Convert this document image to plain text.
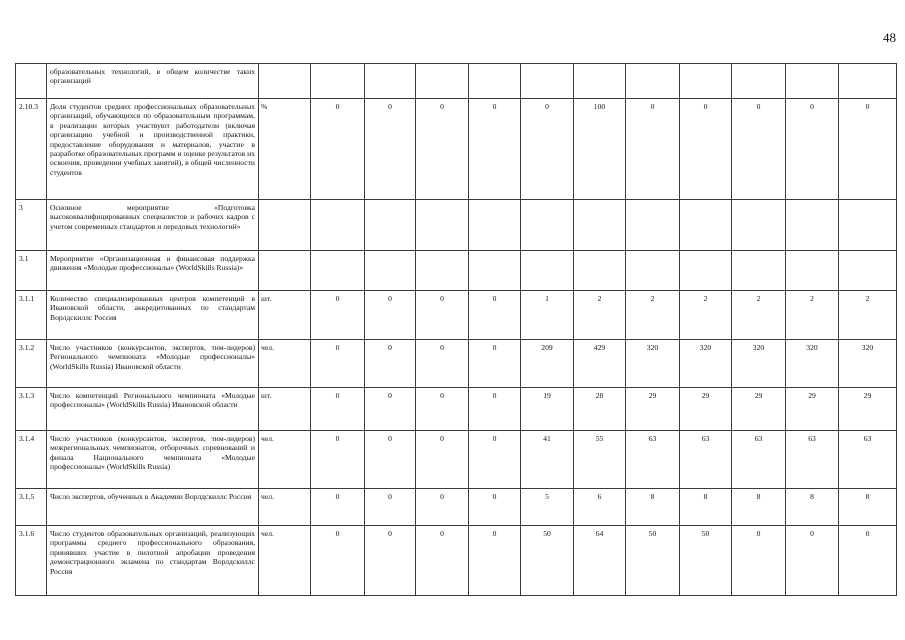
48
	образовательных технологий, в общем количестве таких организаций												
2.10.3	Доля студентов средних профессиональных образовательных организаций, обучающихся по образовательным программам, в реализации которых участвуют работодатели (включая организацию учебной и производственной практики, предоставление оборудования и материалов, участие в разработке образовательных программ и оценке результатов их освоения, проведении учебных занятий), в общей численности студентов	%	0	0	0	0	0	100	0	0	0	0	0
3	Основное мероприятие «Подготовка высококвалифицированных специалистов и рабочих кадров с учетом современных стандартов и передовых технологий»												
3.1	Мероприятие «Организационная и финансовая поддержка движения «Молодые профессионалы» (WorldSkills Russia)»												
3.1.1	Количество специализированных центров компетенций в Ивановской области, аккредитованных по стандартам Ворлдскиллс Россия	шт.	0	0	0	0	1	2	2	2	2	2	2
3.1.2	Число участников (конкурсантов, экспертов, тим-лидеров) Регионального чемпионата «Молодые профессионалы» (WorldSkills Russia) Ивановской области	чел.	0	0	0	0	209	429	320	320	320	320	320
3.1.3	Число компетенций Регионального чемпионата «Молодые профессионалы» (WorldSkills Russia) Ивановской области	шт.	0	0	0	0	19	28	29	29	29	29	29
3.1.4	Число участников (конкурсантов, экспертов, тим-лидеров) межрегиональных чемпионатов, отборочных соревнований и финала Национального чемпионата «Молодые профессионалы» (WorldSkills Russia)	чел.	0	0	0	0	41	55	63	63	63	63	63
3.1.5	Число экспертов, обученных в Академии Ворлдскиллс Россия	чел.	0	0	0	0	5	6	8	8	8	8	8
3.1.6	Число студентов образовательных организаций, реализующих программы среднего профессионального образования, принявших участие в пилотной апробации проведения демонстрационного экзамена по стандартам Ворлдскиллс Россия	чел.	0	0	0	0	50	64	50	50	0	0	0
